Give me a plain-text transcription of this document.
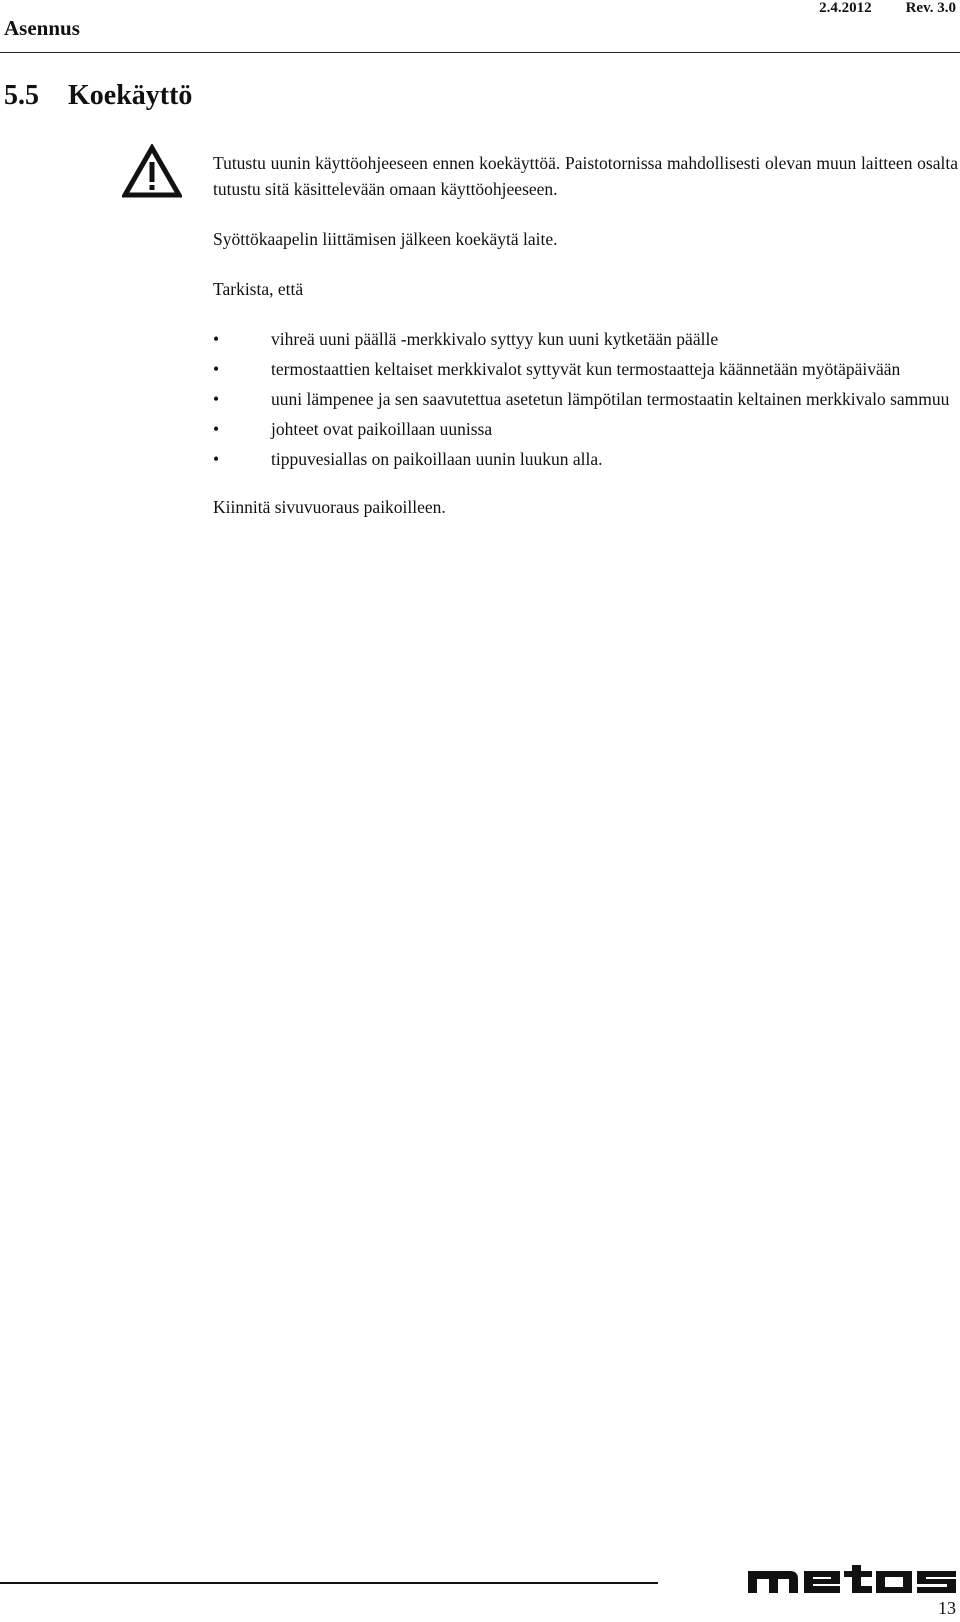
Asennus
2.4.2012 Rev. 3.0
5.5 Koekäyttö

Tutustu uunin käyttöohjeeseen ennen koekäyttöä. Paistotornissa mahdollisesti olevan muun laitteen osalta tutustu sitä käsittelevään omaan käyttöohjeeseen.

Syöttökaapelin liittämisen jälkeen koekäytä laite.

Tarkista, että

•	vihreä uuni päällä -merkkivalo syttyy kun uuni kytketään päälle
•	termostaattien keltaiset merkkivalot syttyvät kun termostaatteja käännetään myötäpäivään
•	uuni lämpenee ja sen saavutettua asetetun lämpötilan termostaatin keltainen merkkivalo sammuu
•	johteet ovat paikoillaan uunissa
•	tippuvesiallas on paikoillaan uunin luukun alla.

Kiinnitä sivuvuoraus paikoilleen.

13
